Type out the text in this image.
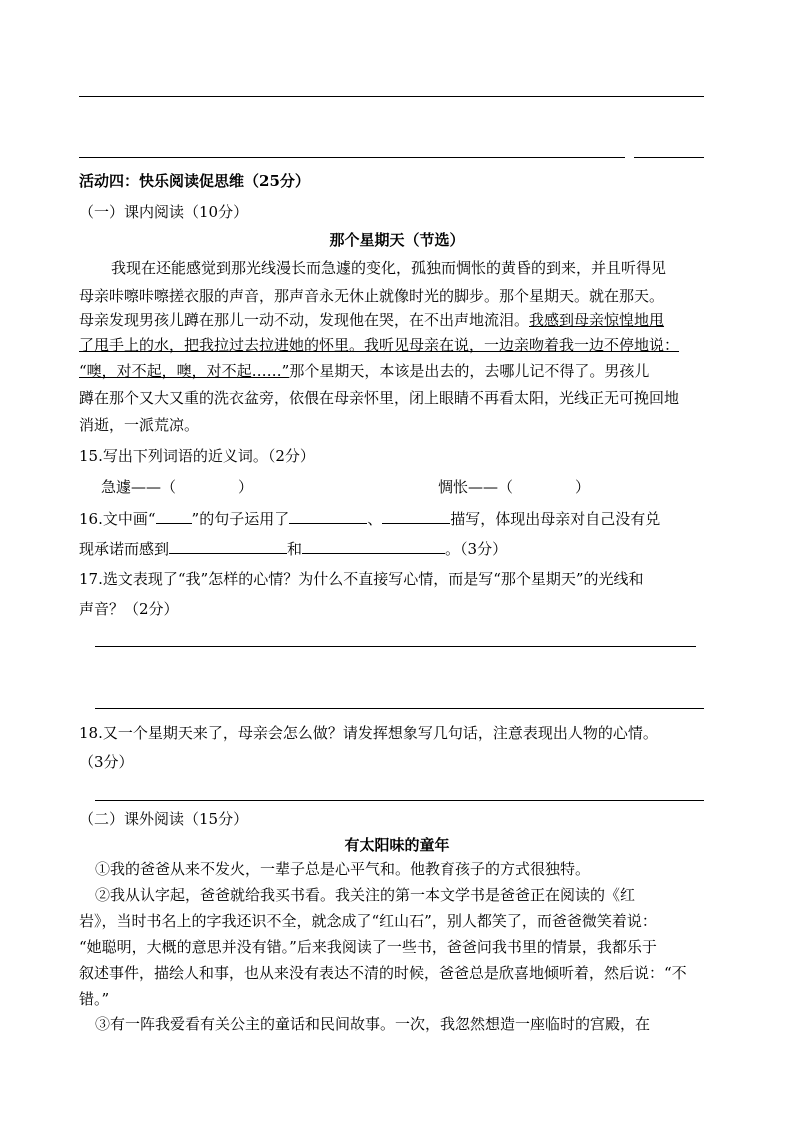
活动四：快乐阅读促思维（25分）
（一）课内阅读（10分）
那个星期天（节选）
我现在还能感觉到那光线漫长而急遽的变化，孤独而惆怅的黄昏的到来，并且听得见
母亲咔嚓咔嚓搓衣服的声音，那声音永无休止就像时光的脚步。那个星期天。就在那天。
母亲发现男孩儿蹲在那儿一动不动，发现他在哭，在不出声地流泪。我感到母亲惊惶地甩
了甩手上的水，把我拉过去拉进她的怀里。我听见母亲在说，一边亲吻着我一边不停地说：
“噢，对不起，噢，对不起……”那个星期天，本该是出去的，去哪儿记不得了。男孩儿
蹲在那个又大又重的洗衣盆旁，依偎在母亲怀里，闭上眼睛不再看太阳，光线正无可挽回地
消逝，一派荒凉。
15.写出下列词语的近义词。（2分）
急遽——（	）	惆怅——（	）
16.文中画“ ”的句子运用了	、	描写，体现出母亲对自己没有兑
现承诺而感到	和	。（3分）
17.选文表现了“我”怎样的心情？为什么不直接写心情，而是写“那个星期天”的光线和
声音？（2分）
18.又一个星期天来了，母亲会怎么做？请发挥想象写几句话，注意表现出人物的心情。
（3分）
（二）课外阅读（15分）
有太阳味的童年
①我的爸爸从来不发火，一辈子总是心平气和。他教育孩子的方式很独特。
②我从认字起，爸爸就给我买书看。我关注的第一本文学书是爸爸正在阅读的《红
岩》，当时书名上的字我还识不全，就念成了“红山石”，别人都笑了，而爸爸微笑着说：
“她聪明，大概的意思并没有错。”后来我阅读了一些书，爸爸问我书里的情景，我都乐于
叙述事件，描绘人和事，也从来没有表达不清的时候，爸爸总是欣喜地倾听着，然后说：“不
错。”
③有一阵我爱看有关公主的童话和民间故事。一次，我忽然想造一座临时的宫殿，在
